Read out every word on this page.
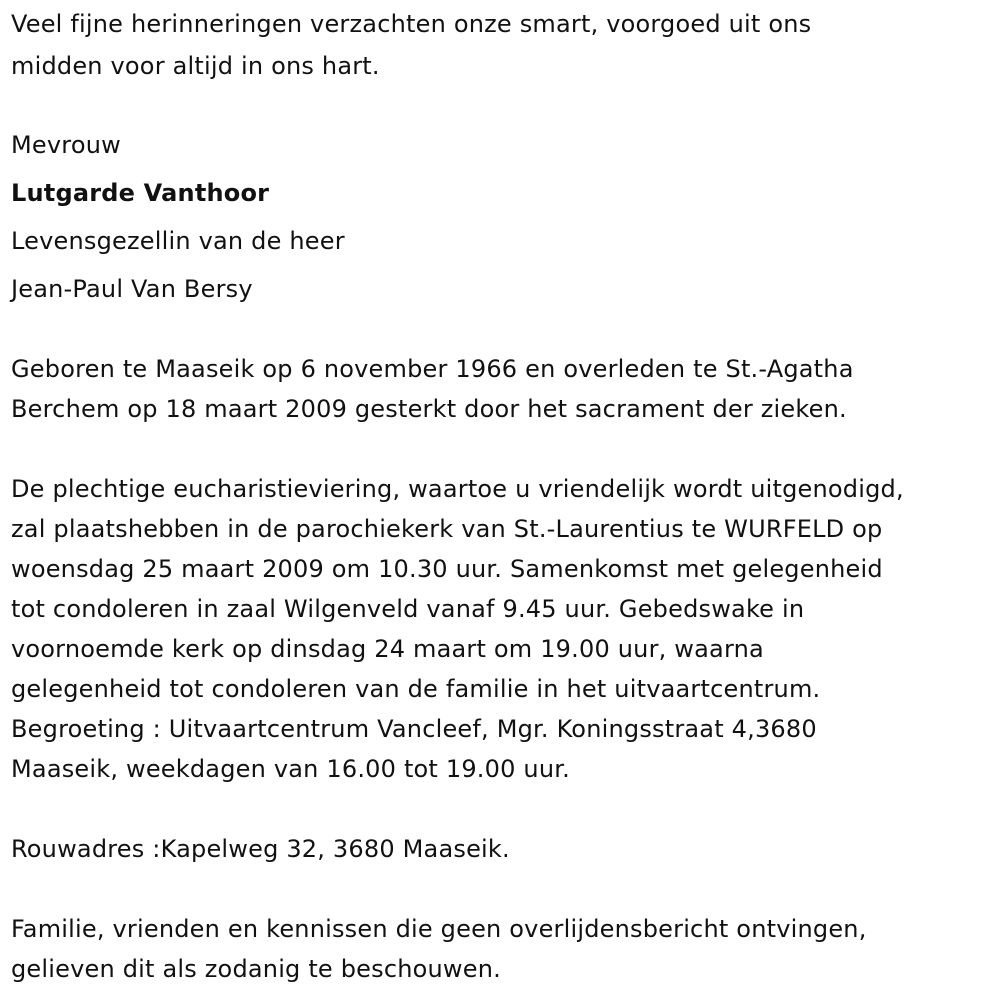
Veel fijne herinneringen verzachten onze smart, voorgoed uit ons
midden voor altijd in ons hart.
Mevrouw
Lutgarde Vanthoor
Levensgezellin van de heer
Jean-Paul Van Bersy
Geboren te Maaseik op 6 november 1966 en overleden te St.-Agatha
Berchem op 18 maart 2009 gesterkt door het sacrament der zieken.
De plechtige eucharistieviering, waartoe u vriendelijk wordt uitgenodigd,
zal plaatshebben in de parochiekerk van St.-Laurentius te WURFELD op
woensdag 25 maart 2009 om 10.30 uur. Samenkomst met gelegenheid
tot condoleren in zaal Wilgenveld vanaf 9.45 uur. Gebedswake in
voornoemde kerk op dinsdag 24 maart om 19.00 uur, waarna
gelegenheid tot condoleren van de familie in het uitvaartcentrum.
Begroeting : Uitvaartcentrum Vancleef, Mgr. Koningsstraat 4,3680
Maaseik, weekdagen van 16.00 tot 19.00 uur.
Rouwadres :Kapelweg 32, 3680 Maaseik.
Familie, vrienden en kennissen die geen overlijdensbericht ontvingen,
gelieven dit als zodanig te beschouwen.
